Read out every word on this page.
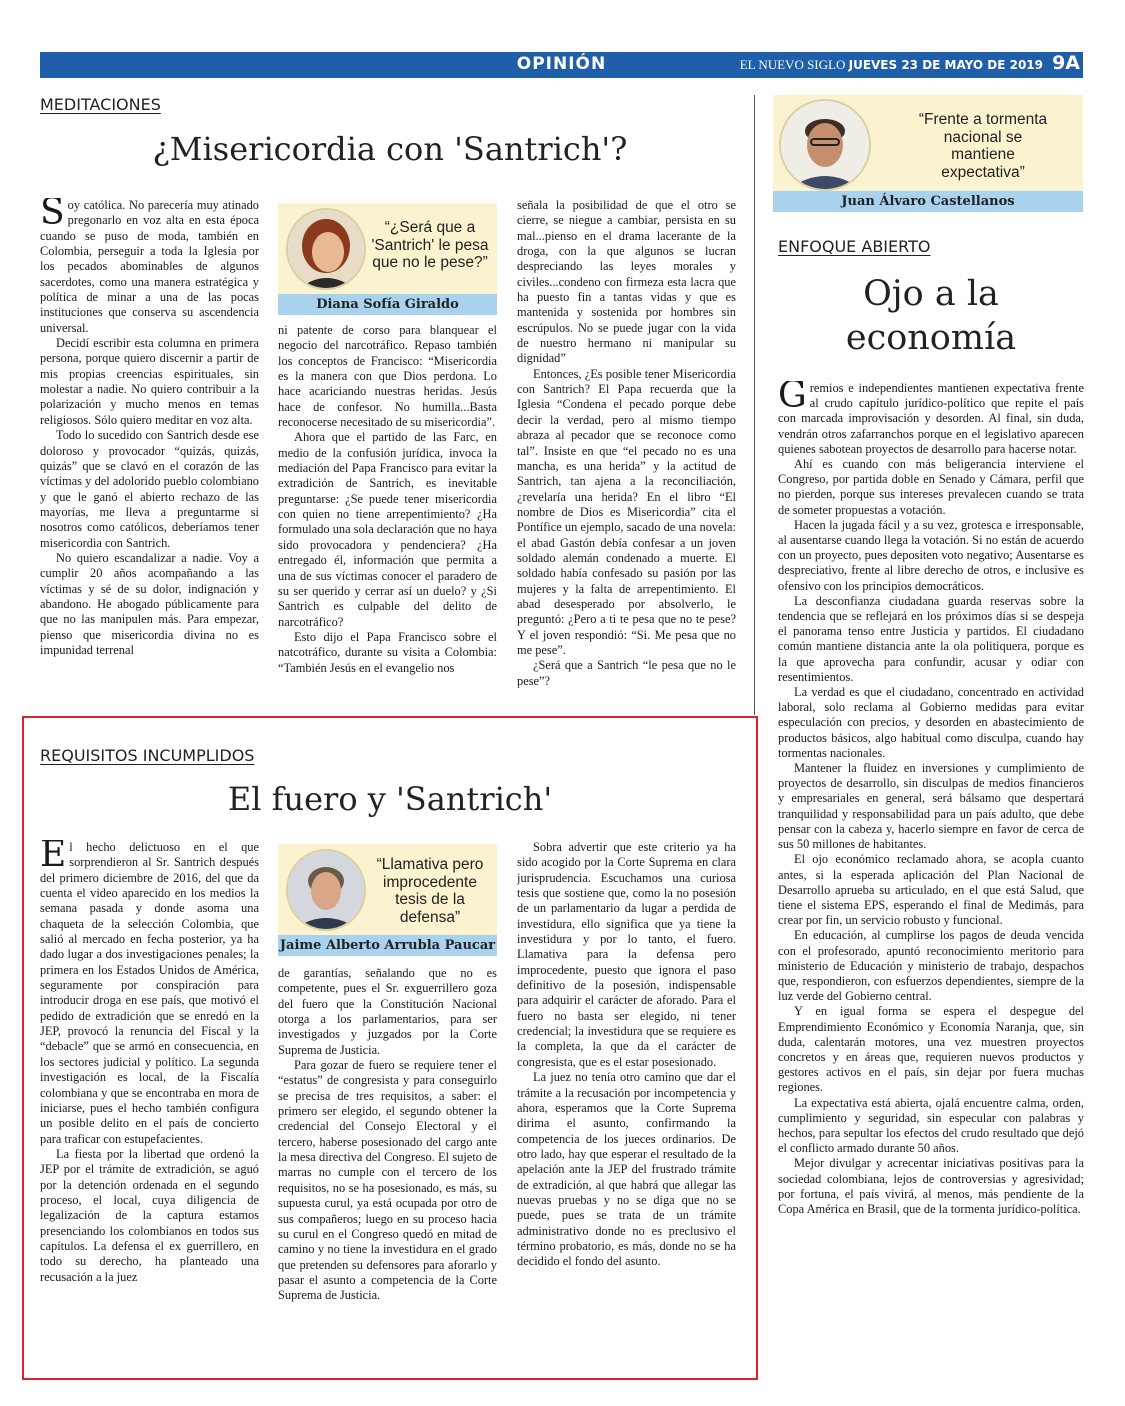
OPINIÓN	EL NUEVO SIGLO JUEVES 23 DE MAYO DE 2019 9A
MEDITACIONES
¿Misericordia con 'Santrich'?

Soy católica. No parecería muy atinado pregonarlo en voz alta en esta época cuando se puso de moda, también en Colombia, perseguir a toda la Iglesia por los pecados abominables de algunos sacerdotes, como una manera estratégica y política de minar a una de las pocas instituciones que conserva su ascendencia universal.

Decidí escribir esta columna en primera persona, porque quiero discernir a partir de mis propias creencias espirituales, sin molestar a nadie. No quiero contribuir a la polarización y mucho menos en temas religiosos. Sólo quiero meditar en voz alta.

Todo lo sucedido con Santrich desde ese doloroso y provocador “quizás, quizás, quizás” que se clavó en el corazón de las víctimas y del adolorido pueblo colombiano y que le ganó el abierto rechazo de las mayorías, me lleva a preguntarme si nosotros como católicos, deberíamos tener misericordia con Santrich.

No quiero escandalizar a nadie. Voy a cumplir 20 años acompañando a las víctimas y sé de su dolor, indignación y abandono. He abogado públicamente para que no las manipulen más. Para empezar, pienso que misericordia divina no es impunidad terrenal

“¿Será que a 'Santrich' le pesa que no le pese?”
Diana Sofía Giraldo

ni patente de corso para blanquear el negocio del narcotráfico. Repaso también los conceptos de Francisco: “Misericordia es la manera con que Dios perdona. Lo hace acariciando nuestras heridas. Jesús hace de confesor. No humilla...Basta reconocerse necesitado de su misericordia”.

Ahora que el partido de las Farc, en medio de la confusión jurídica, invoca la mediación del Papa Francisco para evitar la extradición de Santrich, es inevitable preguntarse: ¿Se puede tener misericordia con quien no tiene arrepentimiento? ¿Ha formulado una sola declaración que no haya sido provocadora y pendenciera? ¿Ha entregado él, información que permita a una de sus víctimas conocer el paradero de su ser querido y cerrar así un duelo? y ¿Si Santrich es culpable del delito de narcotráfico?

Esto dijo el Papa Francisco sobre el natcotráfico, durante su visita a Colombia: “También Jesús en el evangelio nos

señala la posibilidad de que el otro se cierre, se niegue a cambiar, persista en su mal...pienso en el drama lacerante de la droga, con la que algunos se lucran despreciando las leyes morales y civiles...condeno con firmeza esta lacra que ha puesto fin a tantas vidas y que es mantenida y sostenida por hombres sin escrúpulos. No se puede jugar con la vida de nuestro hermano ni manipular su dignidad”

Entonces, ¿Es posible tener Misericordia con Santrich? El Papa recuerda que la Iglesia “Condena el pecado porque debe decir la verdad, pero al mismo tiempo abraza al pecador que se reconoce como tal”. Insiste en que “el pecado no es una mancha, es una herida” y la actitud de Santrich, tan ajena a la reconciliación, ¿revelaría una herida? En el libro “El nombre de Dios es Misericordia” cita el Pontífice un ejemplo, sacado de una novela: el abad Gastón debía confesar a un joven soldado alemán condenado a muerte. El soldado había confesado su pasión por las mujeres y la falta de arrepentimiento. El abad desesperado por absolverlo, le preguntó: ¿Pero a ti te pesa que no te pese? Y el joven respondió: “Si. Me pesa que no me pese”.

¿Será que a Santrich “le pesa que no le pese”?

REQUISITOS INCUMPLIDOS
El fuero y 'Santrich'

El hecho delictuoso en el que sorprendieron al Sr. Santrich después del primero diciembre de 2016, del que da cuenta el video aparecido en los medios la semana pasada y donde asoma una chaqueta de la selección Colombia, que salió al mercado en fecha posterior, ya ha dado lugar a dos investigaciones penales; la primera en los Estados Unidos de América, seguramente por conspiración para introducir droga en ese país, que motivó el pedido de extradición que se enredó en la JEP, provocó la renuncia del Fiscal y la “debacle” que se armó en consecuencia, en los sectores judicial y político. La segunda investigación es local, de la Fiscalía colombiana y que se encontraba en mora de iniciarse, pues el hecho también configura un posible delito en el país de concierto para traficar con estupefacientes.

La fiesta por la libertad que ordenó la JEP por el trámite de extradición, se aguó por la detención ordenada en el segundo proceso, el local, cuya diligencia de legalización de la captura estamos presenciando los colombianos en todos sus capítulos. La defensa el ex guerrillero, en todo su derecho, ha planteado una recusación a la juez

“Llamativa pero improcedente tesis de la defensa”
Jaime Alberto Arrubla Paucar

de garantías, señalando que no es competente, pues el Sr. exguerrillero goza del fuero que la Constitución Nacional otorga a los parlamentarios, para ser investigados y juzgados por la Corte Suprema de Justicia.

Para gozar de fuero se requiere tener el “estatus” de congresista y para conseguirlo se precisa de tres requisitos, a saber: el primero ser elegido, el segundo obtener la credencial del Consejo Electoral y el tercero, haberse posesionado del cargo ante la mesa directiva del Congreso. El sujeto de marras no cumple con el tercero de los requisitos, no se ha posesionado, es más, su supuesta curul, ya está ocupada por otro de sus compañeros; luego en su proceso hacia su curul en el Congreso quedó en mitad de camino y no tiene la investidura en el grado que pretenden su defensores para aforarlo y pasar el asunto a competencia de la Corte Suprema de Justicia.

Sobra advertir que este criterio ya ha sido acogido por la Corte Suprema en clara jurisprudencia. Escuchamos una curiosa tesis que sostiene que, como la no posesión de un parlamentario da lugar a perdida de investidura, ello significa que ya tiene la investidura y por lo tanto, el fuero. Llamativa para la defensa pero improcedente, puesto que ignora el paso definitivo de la posesión, indispensable para adquirir el carácter de aforado. Para el fuero no basta ser elegido, ni tener credencial; la investidura que se requiere es la completa, la que da el carácter de congresista, que es el estar posesionado.

La juez no tenía otro camino que dar el trámite a la recusación por incompetencia y ahora, esperamos que la Corte Suprema dirima el asunto, confirmando la competencia de los jueces ordinarios. De otro lado, hay que esperar el resultado de la apelación ante la JEP del frustrado trámite de extradición, al que habrá que allegar las nuevas pruebas y no se diga que no se puede, pues se trata de un trámite administrativo donde no es preclusivo el término probatorio, es más, donde no se ha decidido el fondo del asunto.

“Frente a tormenta nacional se mantiene expectativa”
Juan Álvaro Castellanos
ENFOQUE ABIERTO
Ojo a la
economía

Gremios e independientes mantienen expectativa frente al crudo capítulo jurídico-político que repite el país con marcada improvisación y desorden. Al final, sin duda, vendrán otros zafarranchos porque en el legislativo aparecen quienes sabotean proyectos de desarrollo para hacerse notar.

Ahí es cuando con más beligerancia interviene el Congreso, por partida doble en Senado y Cámara, perfil que no pierden, porque sus intereses prevalecen cuando se trata de someter propuestas a votación.

Hacen la jugada fácil y a su vez, grotesca e irresponsable, al ausentarse cuando llega la votación. Si no están de acuerdo con un proyecto, pues depositen voto negativo; Ausentarse es despreciativo, frente al libre derecho de otros, e inclusive es ofensivo con los principios democráticos.

La desconfianza ciudadana guarda reservas sobre la tendencia que se reflejará en los próximos días si se despeja el panorama tenso entre Justicia y partidos. El ciudadano común mantiene distancia ante la ola politiquera, porque es la que aprovecha para confundir, acusar y odiar con resentimientos.

La verdad es que el ciudadano, concentrado en actividad laboral, solo reclama al Gobierno medidas para evitar especulación con precios, y desorden en abastecimiento de productos básicos, algo habitual como disculpa, cuando hay tormentas nacionales.

Mantener la fluidez en inversiones y cumplimiento de proyectos de desarrollo, sin disculpas de medios financieros y empresariales en general, será bálsamo que despertará tranquilidad y responsabilidad para un país adulto, que debe pensar con la cabeza y, hacerlo siempre en favor de cerca de sus 50 millones de habitantes.

El ojo económico reclamado ahora, se acopla cuanto antes, si la esperada aplicación del Plan Nacional de Desarrollo aprueba su articulado, en el que está Salud, que tiene el sistema EPS, esperando el final de Medimás, para crear por fin, un servicio robusto y funcional.

En educación, al cumplirse los pagos de deuda vencida con el profesorado, apuntó reconocimiento meritorio para ministerio de Educación y ministerio de trabajo, despachos que, respondieron, con esfuerzos dependientes, siempre de la luz verde del Gobierno central.

Y en igual forma se espera el despegue del Emprendimiento Económico y Economía Naranja, que, sin duda, calentarán motores, una vez muestren proyectos concretos y en áreas que, requieren nuevos productos y gestores activos en el país, sin dejar por fuera muchas regiones.

La expectativa está abierta, ojalá encuentre calma, orden, cumplimiento y seguridad, sin especular con palabras y hechos, para sepultar los efectos del crudo resultado que dejó el conflicto armado durante 50 años.

Mejor divulgar y acrecentar iniciativas positivas para la sociedad colombiana, lejos de controversias y agresividad; por fortuna, el país vivirá, al menos, más pendiente de la Copa América en Brasil, que de la tormenta jurídico-política.
